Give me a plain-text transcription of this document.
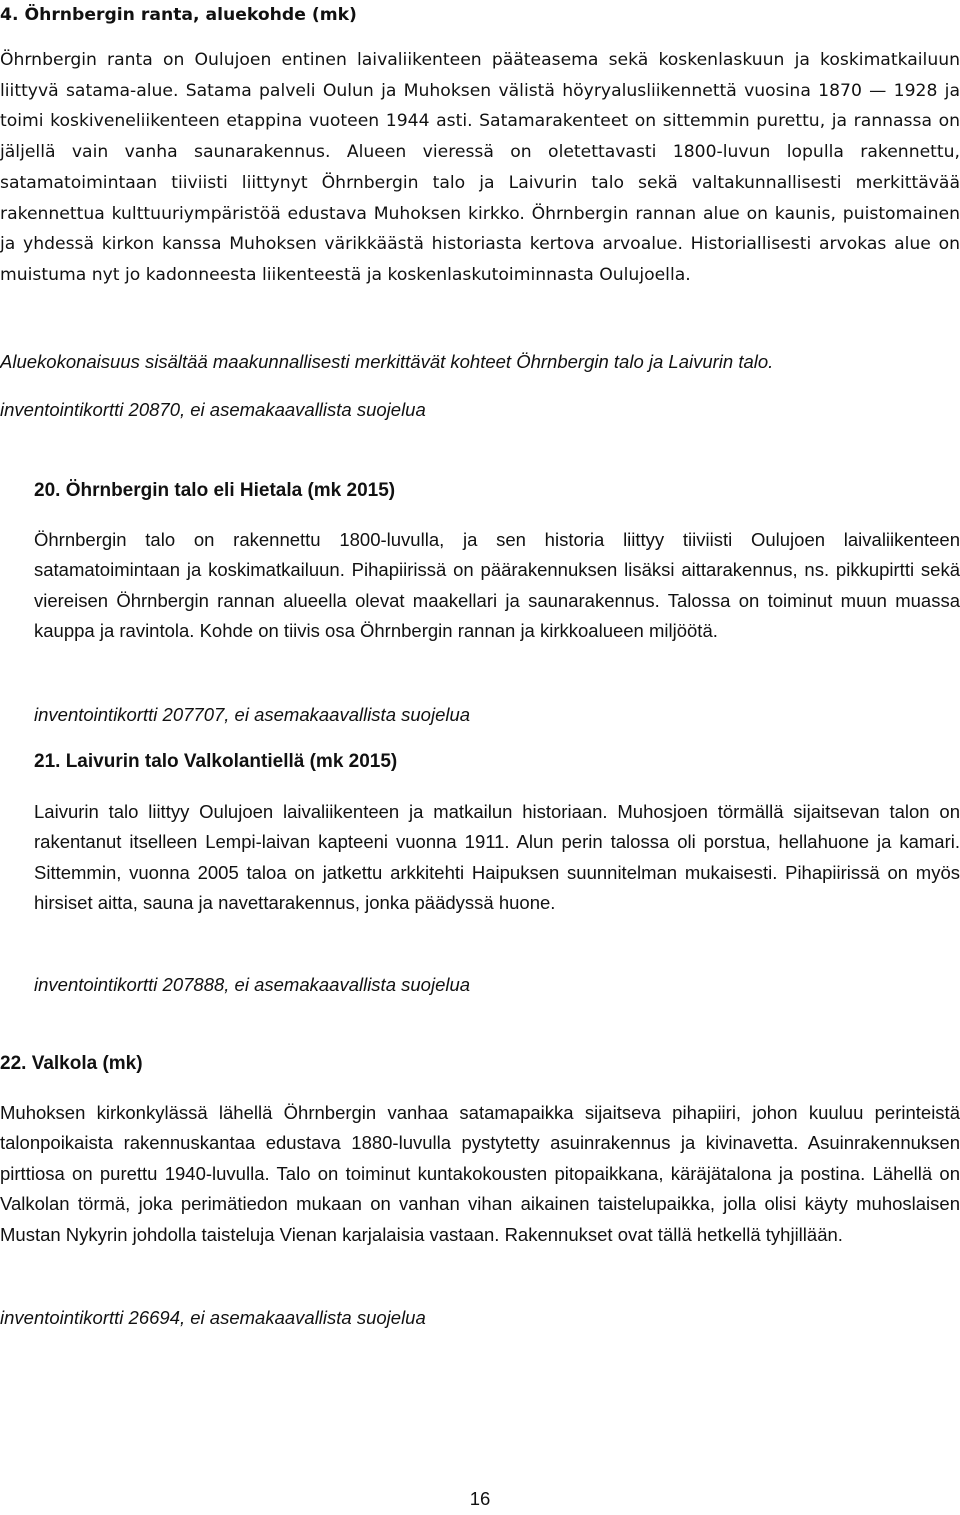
4. Öhrnbergin ranta, aluekohde (mk)

Öhrnbergin ranta on Oulujoen entinen laivaliikenteen pääteasema sekä koskenlaskuun ja koskimatkailuun liittyvä satama-alue. Satama palveli Oulun ja Muhoksen välistä höyryalusliikennettä vuosina 1870 — 1928 ja toimi koskiveneliikenteen etappina vuoteen 1944 asti. Satamarakenteet on sittemmin purettu, ja rannassa on jäljellä vain vanha saunarakennus. Alueen vieressä on oletettavasti 1800-luvun lopulla rakennettu, satamatoimintaan tiiviisti liittynyt Öhrnbergin talo ja Laivurin talo sekä valtakunnallisesti merkittävää rakennettua kulttuuriympäristöä edustava Muhoksen kirkko. Öhrnbergin rannan alue on kaunis, puistomainen ja yhdessä kirkon kanssa Muhoksen värikkäästä historiasta kertova arvoalue. Historiallisesti arvokas alue on muistuma nyt jo kadonneesta liikenteestä ja koskenlaskutoiminnasta Oulujoella.

Aluekokonaisuus sisältää maakunnallisesti merkittävät kohteet Öhrnbergin talo ja Laivurin talo.

inventointikortti 20870, ei asemakaavallista suojelua

20. Öhrnbergin talo eli Hietala (mk 2015)

Öhrnbergin talo on rakennettu 1800-luvulla, ja sen historia liittyy tiiviisti Oulujoen laivaliikenteen satamatoimintaan ja koskimatkailuun. Pihapiirissä on päärakennuksen lisäksi aittarakennus, ns. pikkupirtti sekä viereisen Öhrnbergin rannan alueella olevat maakellari ja saunarakennus. Talossa on toiminut muun muassa kauppa ja ravintola. Kohde on tiivis osa Öhrnbergin rannan ja kirkkoalueen miljöötä.

inventointikortti 207707, ei asemakaavallista suojelua

21. Laivurin talo Valkolantiellä (mk 2015)

Laivurin talo liittyy Oulujoen laivaliikenteen ja matkailun historiaan. Muhosjoen törmällä sijaitsevan talon on rakentanut itselleen Lempi-laivan kapteeni vuonna 1911. Alun perin talossa oli porstua, hellahuone ja kamari. Sittemmin, vuonna 2005 taloa on jatkettu arkkitehti Haipuksen suunnitelman mukaisesti. Pihapiirissä on myös hirsiset aitta, sauna ja navettarakennus, jonka päädyssä huone.

inventointikortti 207888, ei asemakaavallista suojelua

22. Valkola (mk)

Muhoksen kirkonkylässä lähellä Öhrnbergin vanhaa satamapaikka sijaitseva pihapiiri, johon kuuluu perinteistä talonpoikaista rakennuskantaa edustava 1880-luvulla pystytetty asuinrakennus ja kivinavetta. Asuinrakennuksen pirttiosa on purettu 1940-luvulla. Talo on toiminut kuntakokousten pitopaikkana, käräjätalona ja postina. Lähellä on Valkolan törmä, joka perimätiedon mukaan on vanhan vihan aikainen taistelupaikka, jolla olisi käyty muhoslaisen Mustan Nykyrin johdolla taisteluja Vienan karjalaisia vastaan. Rakennukset ovat tällä hetkellä tyhjillään.

inventointikortti 26694, ei asemakaavallista suojelua

16
